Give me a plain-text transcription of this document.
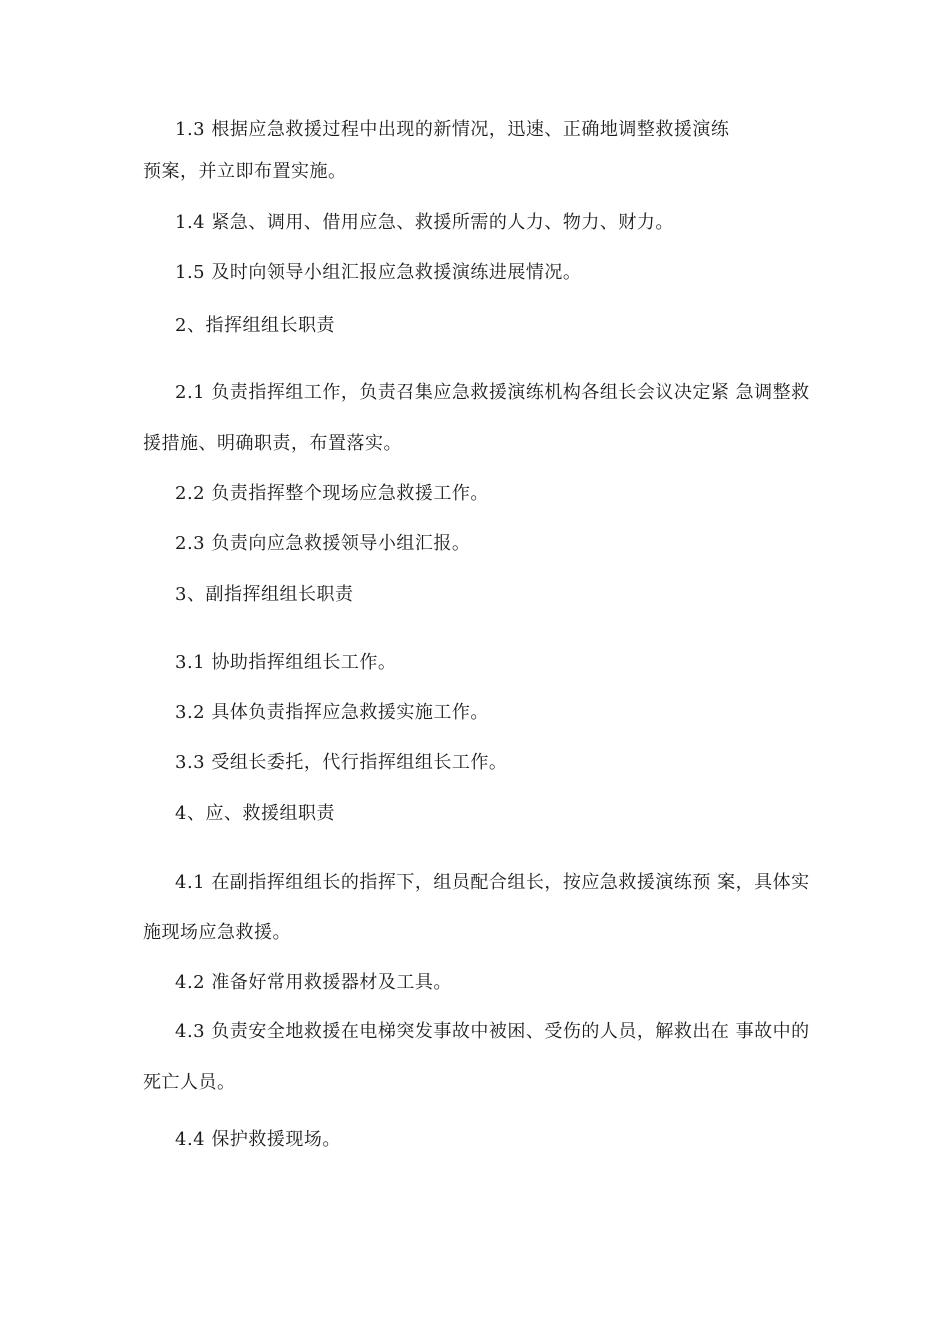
1.3 根据应急救援过程中出现的新情况，迅速、正确地调整救援演练
预案，并立即布置实施。
1.4 紧急、调用、借用应急、救援所需的人力、物力、财力。
1.5 及时向领导小组汇报应急救援演练进展情况。
2、指挥组组长职责
2.1 负责指挥组工作，负责召集应急救援演练机构各组长会议决定紧 急调整救
援措施、明确职责，布置落实。
2.2 负责指挥整个现场应急救援工作。
2.3 负责向应急救援领导小组汇报。
3、副指挥组组长职责
3.1 协助指挥组组长工作。
3.2 具体负责指挥应急救援实施工作。
3.3 受组长委托，代行指挥组组长工作。
4、应、救援组职责
4.1 在副指挥组组长的指挥下，组员配合组长，按应急救援演练预 案，具体实
施现场应急救援。
4.2 准备好常用救援器材及工具。
4.3 负责安全地救援在电梯突发事故中被困、受伤的人员，解救出在 事故中的
死亡人员。
4.4 保护救援现场。
